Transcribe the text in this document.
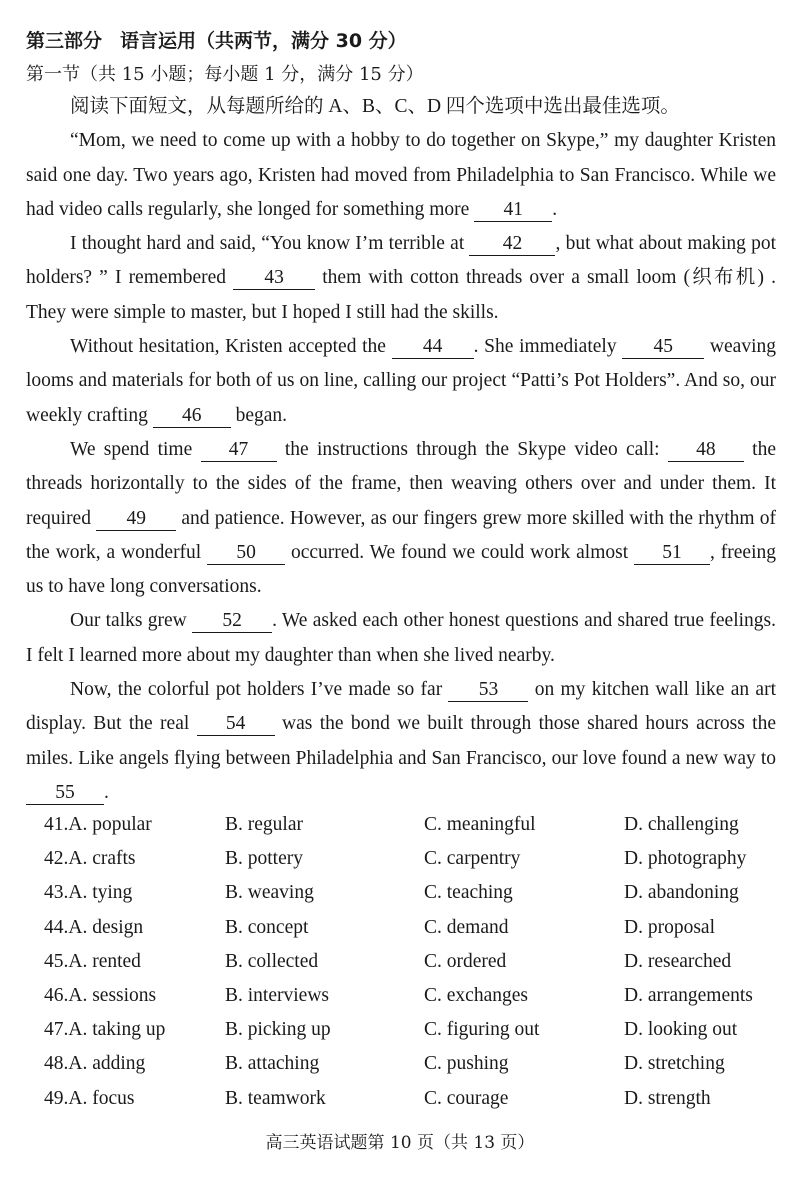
第三部分 语言运用（共两节，满分 30 分）
第一节（共 15 小题；每小题 1 分，满分 15 分）

阅读下面短文，从每题所给的 A、B、C、D 四个选项中选出最佳选项。

“Mom, we need to come up with a hobby to do together on Skype,” my daughter Kristen said one day. Two years ago, Kristen had moved from Philadelphia to San Francisco. While we had video calls regularly, she longed for something more 41 .

I thought hard and said, “You know I’m terrible at 42 , but what about making pot holders? ” I remembered 43 them with cotton threads over a small loom (织布机) . They were simple to master, but I hoped I still had the skills.

Without hesitation, Kristen accepted the 44 . She immediately 45 weaving looms and materials for both of us on line, calling our project “Patti’s Pot Holders”. And so, our weekly crafting 46 began.

We spend time 47 the instructions through the Skype video call: 48 the threads horizontally to the sides of the frame, then weaving others over and under them. It required 49 and patience. However, as our fingers grew more skilled with the rhythm of the work, a wonderful 50 occurred. We found we could work almost 51 , freeing us to have long conversations.

Our talks grew 52 . We asked each other honest questions and shared true feelings. I felt I learned more about my daughter than when she lived nearby.

Now, the colorful pot holders I’ve made so far 53 on my kitchen wall like an art display. But the real 54 was the bond we built through those shared hours across the miles. Like angels flying between Philadelphia and San Francisco, our love found a new way to 55 .

41.A. popular	B. regular	C. meaningful	D. challenging
42.A. crafts	B. pottery	C. carpentry	D. photography
43.A. tying	B. weaving	C. teaching	D. abandoning
44.A. design	B. concept	C. demand	D. proposal
45.A. rented	B. collected	C. ordered	D. researched
46.A. sessions	B. interviews	C. exchanges	D. arrangements
47.A. taking up	B. picking up	C. figuring out	D. looking out
48.A. adding	B. attaching	C. pushing	D. stretching
49.A. focus	B. teamwork	C. courage	D. strength
高三英语试题第 10 页（共 13 页）
